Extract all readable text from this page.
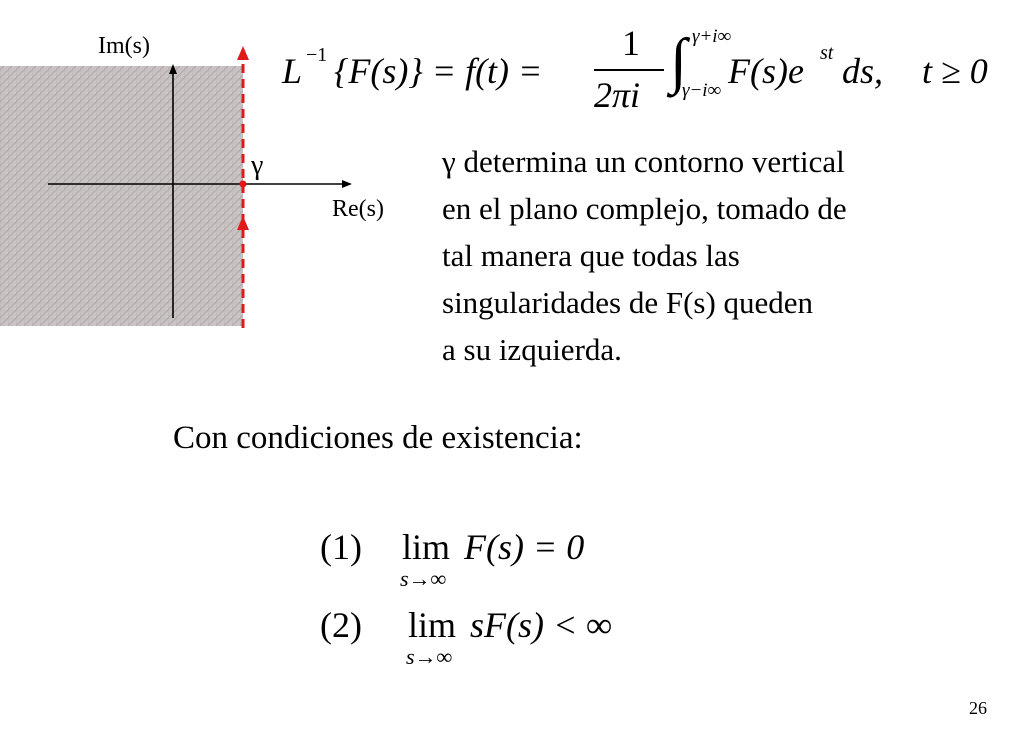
Im(s)
Re(s)
γ
L −1 {F(s)} = f(t) =
1
2πi ∫ γ+i∞
γ−i∞ F(s)e st ds, t ≥ 0
γ determina un contorno vertical
en el plano complejo, tomado de
tal manera que todas las
singularidades de F(s) queden
a su izquierda.
Con condiciones de existencia:
(1) lim
s→∞
F(s) = 0
(2) lim
s→∞
sF(s) < ∞
26
